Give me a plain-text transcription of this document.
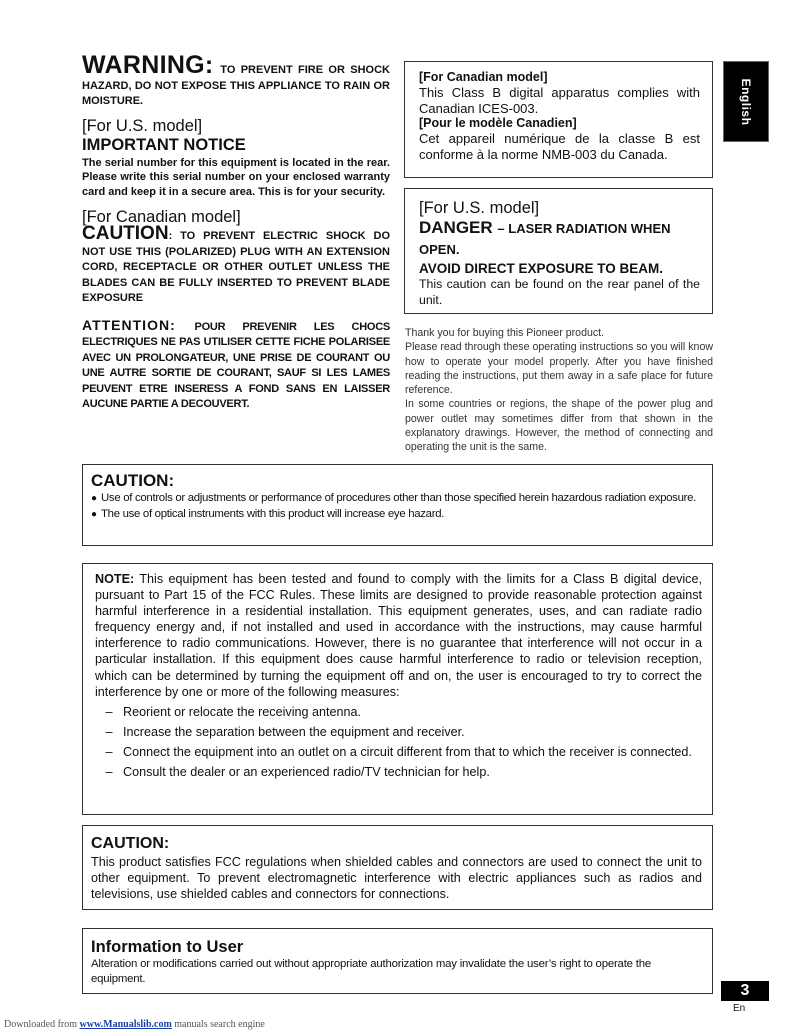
WARNING: TO PREVENT FIRE OR SHOCK HAZARD, DO NOT EXPOSE THIS APPLIANCE TO RAIN OR MOISTURE.
[For U.S. model]
IMPORTANT NOTICE
The serial number for this equipment is located in the rear. Please write this serial number on your enclosed warranty card and keep it in a secure area. This is for your security.
[For Canadian model]
CAUTION: TO PREVENT ELECTRIC SHOCK DO NOT USE THIS (POLARIZED) PLUG WITH AN EXTENSION CORD, RECEPTACLE OR OTHER OUTLET UNLESS THE BLADES CAN BE FULLY INSERTED TO PREVENT BLADE EXPOSURE
ATTENTION: POUR PREVENIR LES CHOCS ELECTRIQUES NE PAS UTILISER CETTE FICHE POLARISEE AVEC UN PROLONGATEUR, UNE PRISE DE COURANT OU UNE AUTRE SORTIE DE COURANT, SAUF SI LES LAMES PEUVENT ETRE INSERESS A FOND SANS EN LAISSER AUCUNE PARTIE A DECOUVERT.
[For Canadian model]
This Class B digital apparatus complies with Canadian ICES-003.
[Pour le modèle Canadien]
Cet appareil numérique de la classe B est conforme à la norme NMB-003 du Canada.
[For U.S. model]
DANGER – LASER RADIATION WHEN OPEN.
AVOID DIRECT EXPOSURE TO BEAM.
This caution can be found on the rear panel of the unit.
Thank you for buying this Pioneer product.
Please read through these operating instructions so you will know how to operate your model properly. After you have finished reading the instructions, put them away in a safe place for future reference.
In some countries or regions, the shape of the power plug and power outlet may sometimes differ from that shown in the explanatory drawings. However, the method of connecting and operating the unit is the same.
English
CAUTION:
● Use of controls or adjustments or performance of procedures other than those specified herein hazardous radiation exposure.
● The use of optical instruments with this product will increase eye hazard.
NOTE: This equipment has been tested and found to comply with the limits for a Class B digital device, pursuant to Part 15 of the FCC Rules. These limits are designed to provide reasonable protection against harmful interference in a residential installation. This equipment generates, uses, and can radiate radio frequency energy and, if not installed and used in accordance with the instructions, may cause harmful interference to radio communications. However, there is no guarantee that interference will not occur in a particular installation. If this equipment does cause harmful interference to radio or television reception, which can be determined by turning the equipment off and on, the user is encouraged to try to correct the interference by one or more of the following measures:
– Reorient or relocate the receiving antenna.
– Increase the separation between the equipment and receiver.
– Connect the equipment into an outlet on a circuit different from that to which the receiver is connected.
– Consult the dealer or an experienced radio/TV technician for help.
CAUTION:
This product satisfies FCC regulations when shielded cables and connectors are used to connect the unit to other equipment. To prevent electromagnetic interference with electric appliances such as radios and televisions, use shielded cables and connectors for connections.
Information to User
Alteration or modifications carried out without appropriate authorization may invalidate the user’s right to operate the equipment.
3
En
Downloaded from www.Manualslib.com manuals search engine
